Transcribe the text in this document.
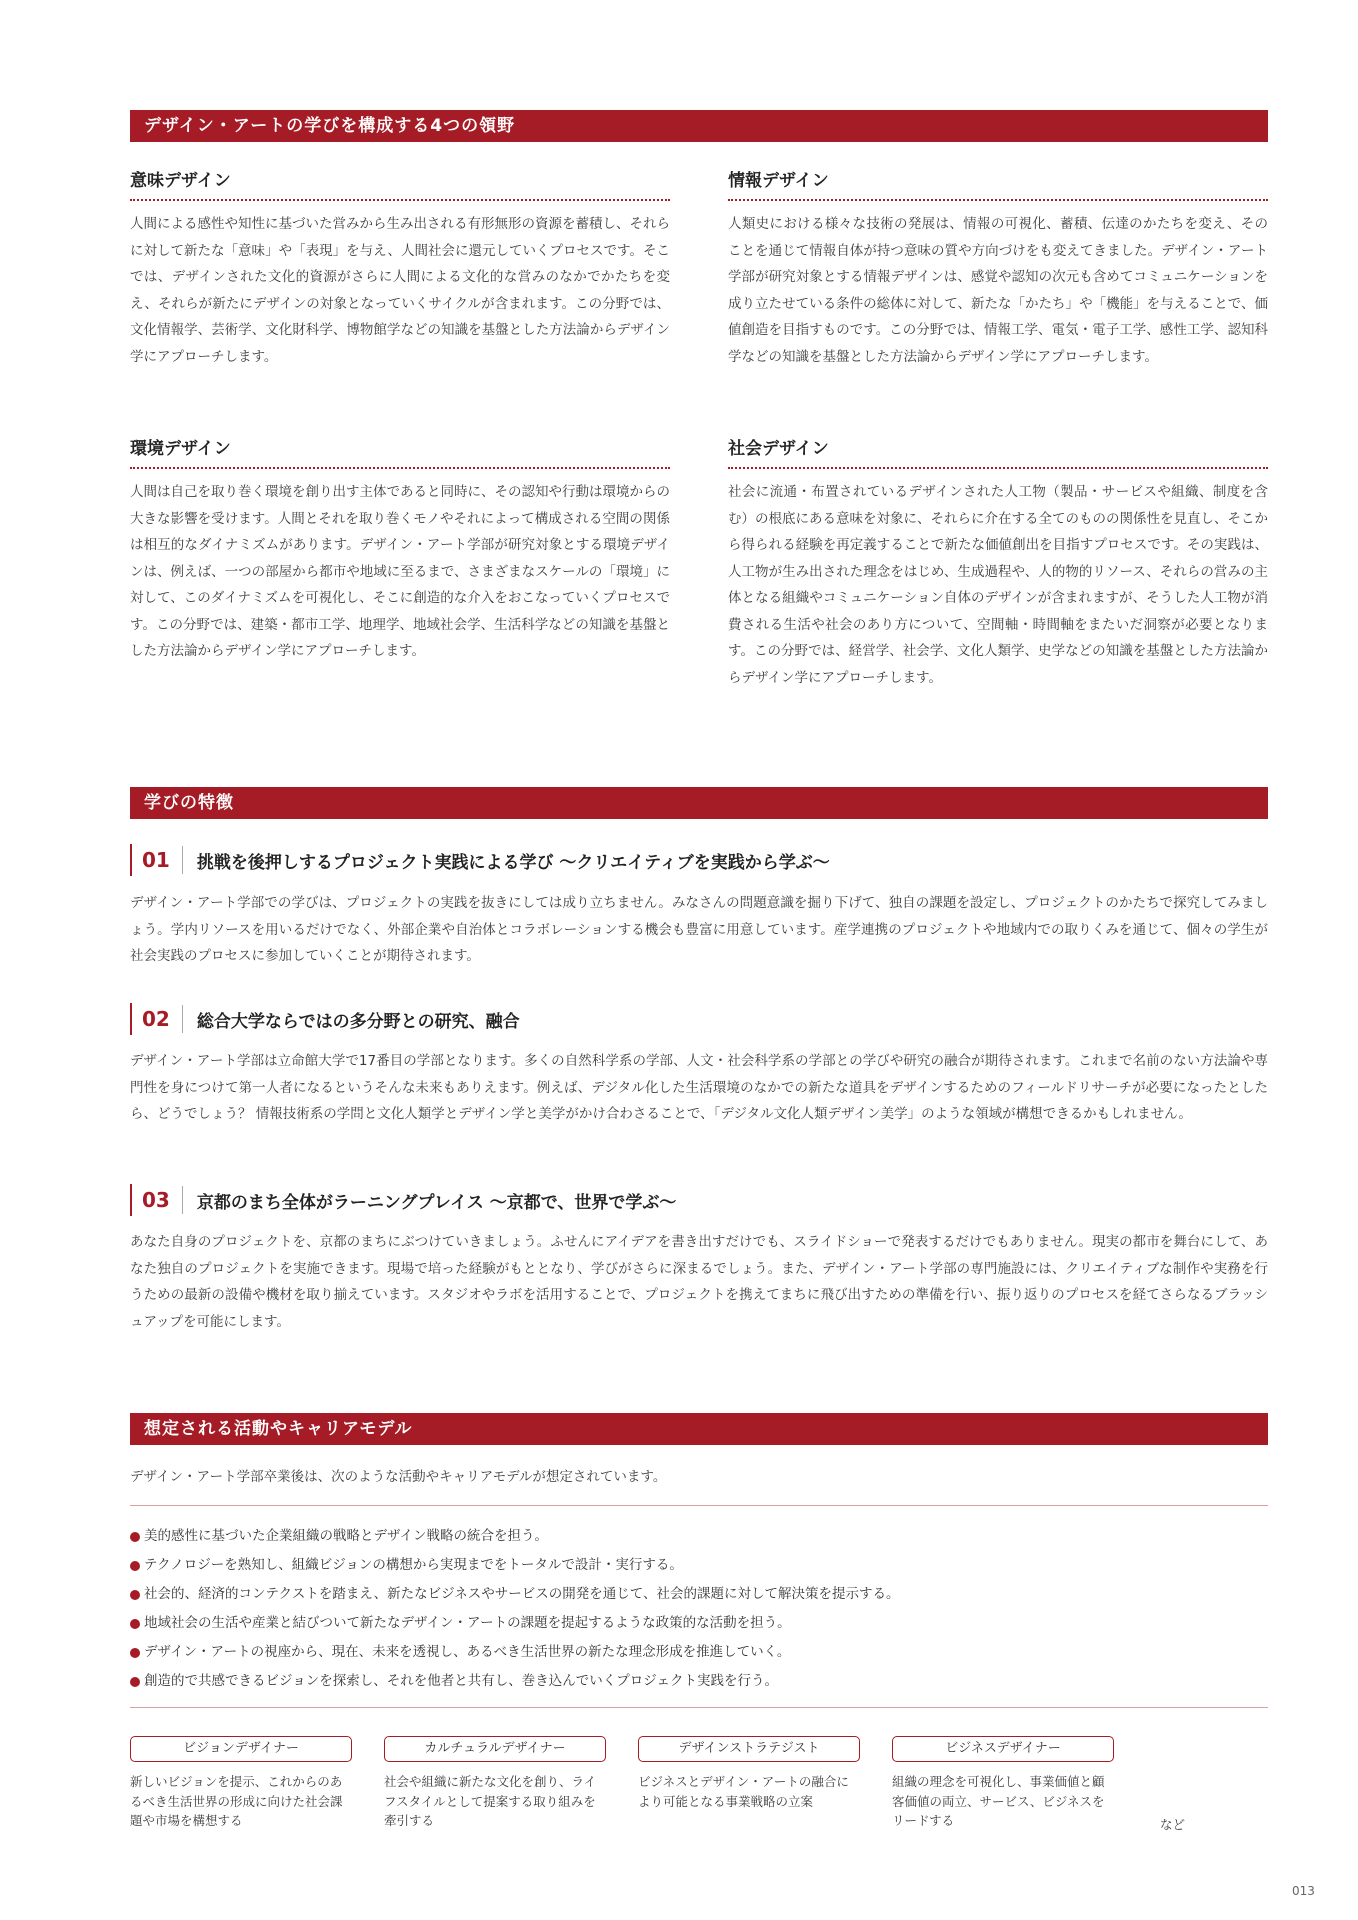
デザイン・アートの学びを構成する4つの領野
意味デザイン

人間による感性や知性に基づいた営みから生み出される有形無形の資源を蓄積し、それらに対して新たな「意味」や「表現」を与え、人間社会に還元していくプロセスです。そこでは、デザインされた文化的資源がさらに人間による文化的な営みのなかでかたちを変え、それらが新たにデザインの対象となっていくサイクルが含まれます。この分野では、文化情報学、芸術学、文化財科学、博物館学などの知識を基盤とした方法論からデザイン学にアプローチします。

情報デザイン

人類史における様々な技術の発展は、情報の可視化、蓄積、伝達のかたちを変え、そのことを通じて情報自体が持つ意味の質や方向づけをも変えてきました。デザイン・アート学部が研究対象とする情報デザインは、感覚や認知の次元も含めてコミュニケーションを成り立たせている条件の総体に対して、新たな「かたち」や「機能」を与えることで、価値創造を目指すものです。この分野では、情報工学、電気・電子工学、感性工学、認知科学などの知識を基盤とした方法論からデザイン学にアプローチします。

環境デザイン

人間は自己を取り巻く環境を創り出す主体であると同時に、その認知や行動は環境からの大きな影響を受けます。人間とそれを取り巻くモノやそれによって構成される空間の関係は相互的なダイナミズムがあります。デザイン・アート学部が研究対象とする環境デザインは、例えば、一つの部屋から都市や地域に至るまで、さまざまなスケールの「環境」に対して、このダイナミズムを可視化し、そこに創造的な介入をおこなっていくプロセスです。この分野では、建築・都市工学、地理学、地域社会学、生活科学などの知識を基盤とした方法論からデザイン学にアプローチします。

社会デザイン

社会に流通・布置されているデザインされた人工物（製品・サービスや組織、制度を含む）の根底にある意味を対象に、それらに介在する全てのものの関係性を見直し、そこから得られる経験を再定義することで新たな価値創出を目指すプロセスです。その実践は、人工物が生み出された理念をはじめ、生成過程や、人的物的リソース、それらの営みの主体となる組織やコミュニケーション自体のデザインが含まれますが、そうした人工物が消費される生活や社会のあり方について、空間軸・時間軸をまたいだ洞察が必要となります。この分野では、経営学、社会学、文化人類学、史学などの知識を基盤とした方法論からデザイン学にアプローチします。

学びの特徴
01	挑戦を後押しするプロジェクト実践による学び ～クリエイティブを実践から学ぶ～

デザイン・アート学部での学びは、プロジェクトの実践を抜きにしては成り立ちません。みなさんの問題意識を掘り下げて、独自の課題を設定し、プロジェクトのかたちで探究してみましょう。学内リソースを用いるだけでなく、外部企業や自治体とコラボレーションする機会も豊富に用意しています。産学連携のプロジェクトや地域内での取りくみを通じて、個々の学生が社会実践のプロセスに参加していくことが期待されます。

02	総合大学ならではの多分野との研究、融合

デザイン・アート学部は立命館大学で17番目の学部となります。多くの自然科学系の学部、人文・社会科学系の学部との学びや研究の融合が期待されます。これまで名前のない方法論や専門性を身につけて第一人者になるというそんな未来もありえます。例えば、デジタル化した生活環境のなかでの新たな道具をデザインするためのフィールドリサーチが必要になったとしたら、どうでしょう？ 情報技術系の学問と文化人類学とデザイン学と美学がかけ合わさることで、「デジタル文化人類デザイン美学」のような領域が構想できるかもしれません。

03	京都のまち全体がラーニングプレイス ～京都で、世界で学ぶ～

あなた自身のプロジェクトを、京都のまちにぶつけていきましょう。ふせんにアイデアを書き出すだけでも、スライドショーで発表するだけでもありません。現実の都市を舞台にして、あなた独自のプロジェクトを実施できます。現場で培った経験がもととなり、学びがさらに深まるでしょう。また、デザイン・アート学部の専門施設には、クリエイティブな制作や実務を行うための最新の設備や機材を取り揃えています。スタジオやラボを活用することで、プロジェクトを携えてまちに飛び出すための準備を行い、振り返りのプロセスを経てさらなるブラッシュアップを可能にします。

想定される活動やキャリアモデル

デザイン・アート学部卒業後は、次のような活動やキャリアモデルが想定されています。

美的感性に基づいた企業組織の戦略とデザイン戦略の統合を担う。
テクノロジーを熟知し、組織ビジョンの構想から実現までをトータルで設計・実行する。
社会的、経済的コンテクストを踏まえ、新たなビジネスやサービスの開発を通じて、社会的課題に対して解決策を提示する。
地域社会の生活や産業と結びついて新たなデザイン・アートの課題を提起するような政策的な活動を担う。
デザイン・アートの視座から、現在、未来を透視し、あるべき生活世界の新たな理念形成を推進していく。
創造的で共感できるビジョンを探索し、それを他者と共有し、巻き込んでいくプロジェクト実践を行う。
ビジョンデザイナー

新しいビジョンを提示、これからのあるべき生活世界の形成に向けた社会課題や市場を構想する

カルチュラルデザイナー

社会や組織に新たな文化を創り、ライフスタイルとして提案する取り組みを牽引する

デザインストラテジスト

ビジネスとデザイン・アートの融合により可能となる事業戦略の立案

ビジネスデザイナー

組織の理念を可視化し、事業価値と顧客価値の両立、サービス、ビジネスをリードする	など
013
